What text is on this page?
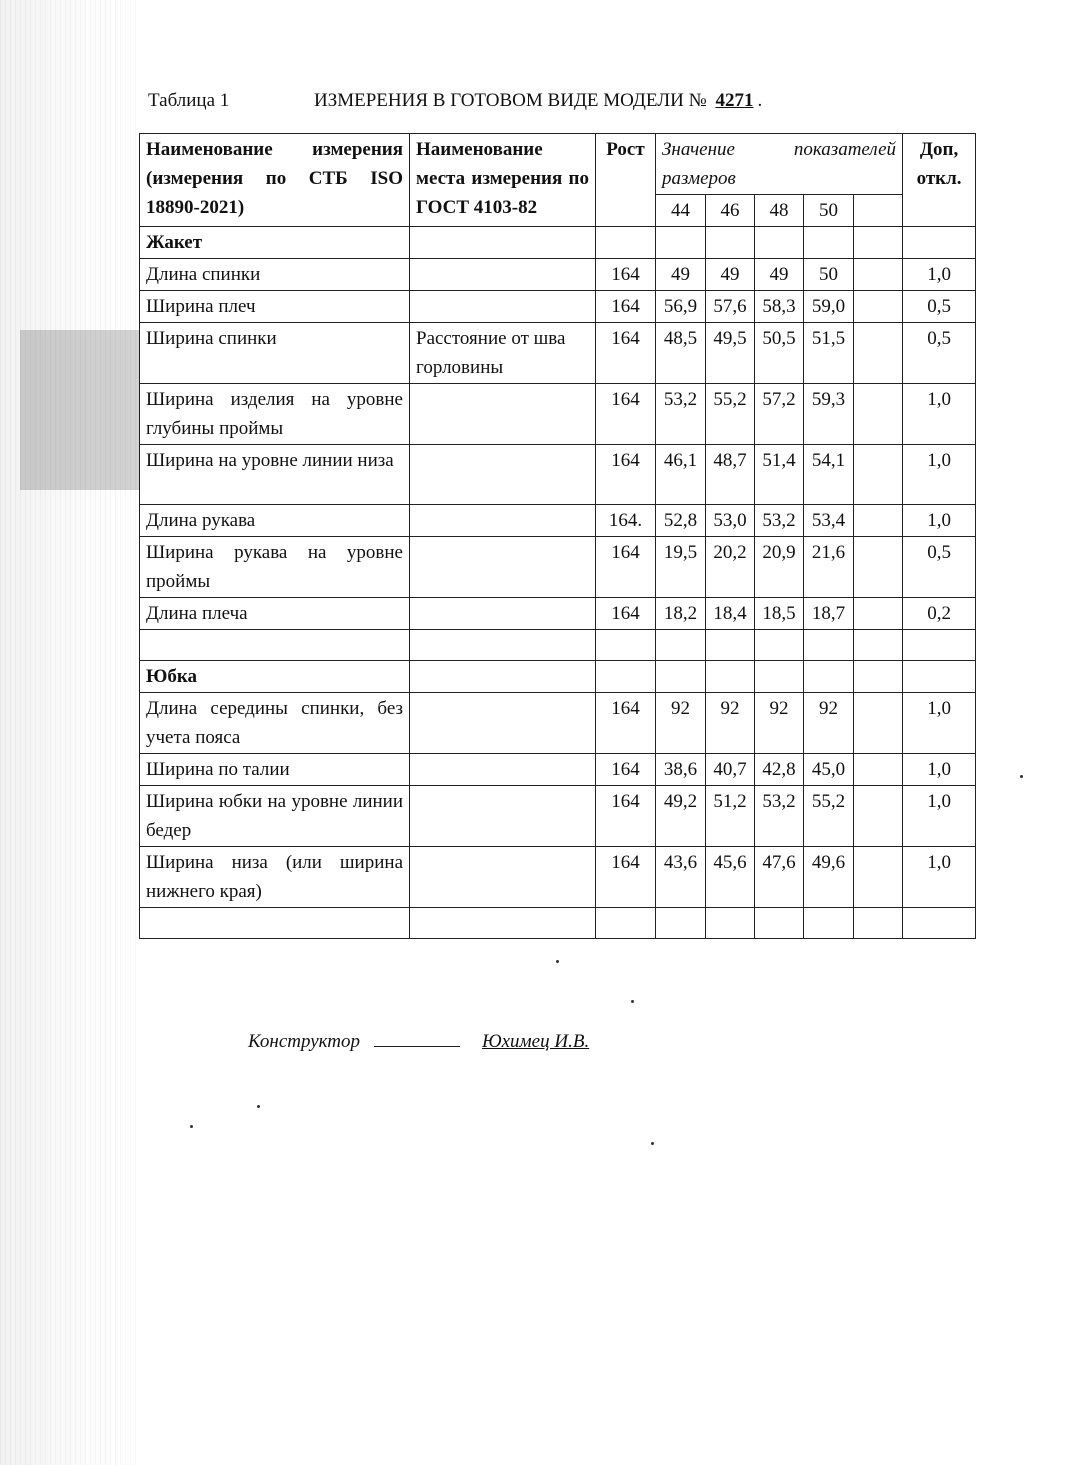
Таблица 1	ИЗМЕРЕНИЯ В ГОТОВОМ ВИДЕ МОДЕЛИ № 4271 .
Наименование измерения (измерения по СТБ ISO 18890-2021)	Наименование места измерения по ГОСТ 4103-82	Рост	Значение показателей размеров					Доп, откл.
			44	46	48	50		
Жакет								
Длина спинки		164	49	49	49	50		1,0
Ширина плеч		164	56,9	57,6	58,3	59,0		0,5
Ширина спинки	Расстояние от шва горловины	164	48,5	49,5	50,5	51,5		0,5
Ширина изделия на уровне глубины проймы		164	53,2	55,2	57,2	59,3		1,0
Ширина на уровне линии низа		164	46,1	48,7	51,4	54,1		1,0
Длина рукава		164.	52,8	53,0	53,2	53,4		1,0
Ширина рукава на уровне проймы		164	19,5	20,2	20,9	21,6		0,5
Длина плеча		164	18,2	18,4	18,5	18,7		0,2

Юбка								
Длина середины спинки, без учета пояса		164	92	92	92	92		1,0
Ширина по талии		164	38,6	40,7	42,8	45,0		1,0
Ширина юбки на уровне линии бедер		164	49,2	51,2	53,2	55,2		1,0
Ширина низа (или ширина нижнего края)		164	43,6	45,6	47,6	49,6		1,0

Конструктор	Юхимец И.В.
